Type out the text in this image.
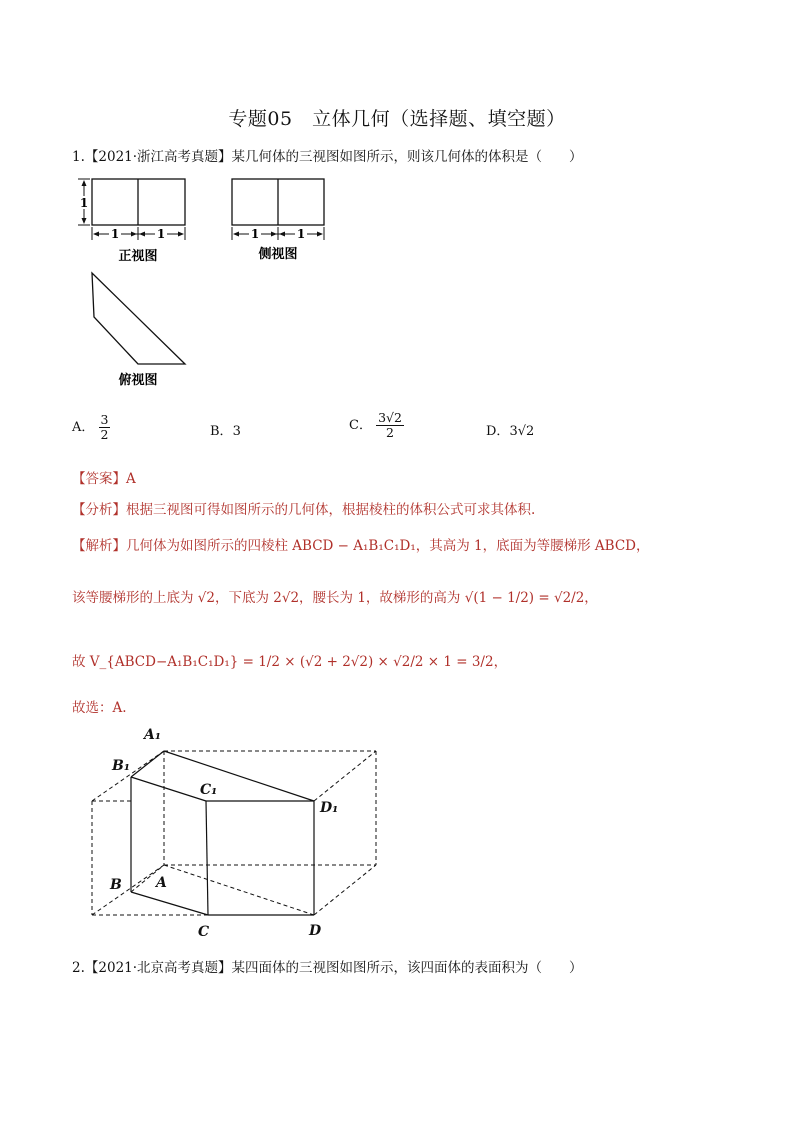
专题05　立体几何（选择题、填空题）
1.【2021·浙江高考真题】某几何体的三视图如图所示，则该几何体的体积是（　　）
1
1	1
正视图
1	1
侧视图
俯视图
A． $\frac{3}{2}$	B．3	C． $\frac{3√2}{2}$	D．3√2
【答案】A
【分析】根据三视图可得如图所示的几何体，根据棱柱的体积公式可求其体积.
【解析】几何体为如图所示的四棱柱 ABCD − A₁B₁C₁D₁，其高为 1，底面为等腰梯形 ABCD，
该等腰梯形的上底为 √2，下底为 2√2，腰长为 1，故梯形的高为 √(1 − 1/2) = √2/2，
故 V_{ABCD−A₁B₁C₁D₁} = 1/2 × (√2 + 2√2) × √2/2 × 1 = 3/2，
故选：A.
A₁
B₁
C₁
D₁
A
B
C	D
2.【2021·北京高考真题】某四面体的三视图如图所示，该四面体的表面积为（　　）
